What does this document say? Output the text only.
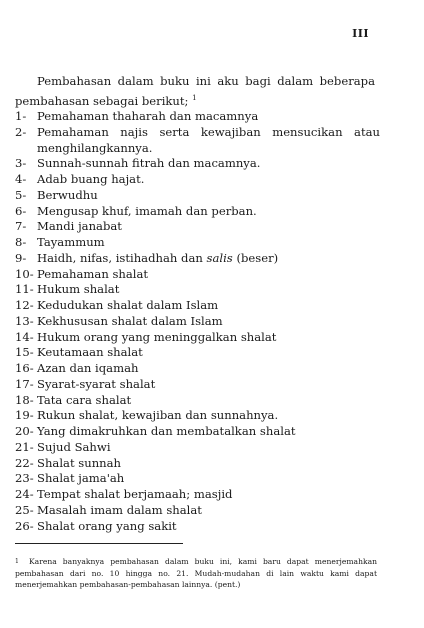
III

Pembahasan dalam buku ini aku bagi dalam beberapa pembahasan sebagai berikut; $^1$

1- Pemahaman thaharah dan macamnya
2- Pemahaman najis serta kewajiban mensucikan atau menghilangkannya.
3- Sunnah-sunnah fitrah dan macamnya.
4- Adab buang hajat.
5- Berwudhu
6- Mengusap khuf, imamah dan perban.
7- Mandi janabat
8- Tayammum
9- Haidh, nifas, istihadhah dan salis (beser)
10- Pemahaman shalat
11- Hukum shalat
12- Kedudukan shalat dalam Islam
13- Kekhususan shalat dalam Islam
14- Hukum orang yang meninggalkan shalat
15- Keutamaan shalat
16- Azan dan iqamah
17- Syarat-syarat shalat
18- Tata cara shalat
19- Rukun shalat, kewajiban dan sunnahnya.
20- Yang dimakruhkan dan membatalkan shalat
21- Sujud Sahwi
22- Shalat sunnah
23- Shalat jama'ah
24- Tempat shalat berjamaah; masjid
25- Masalah imam dalam shalat
26- Shalat orang yang sakit
1 Karena banyaknya pembahasan dalam buku ini, kami baru dapat menerjemahkan pembahasan dari no. 10 hingga no. 21. Mudah-mudahan di lain waktu kami dapat menerjemahkan pembahasan-pembahasan lainnya. (pent.)
